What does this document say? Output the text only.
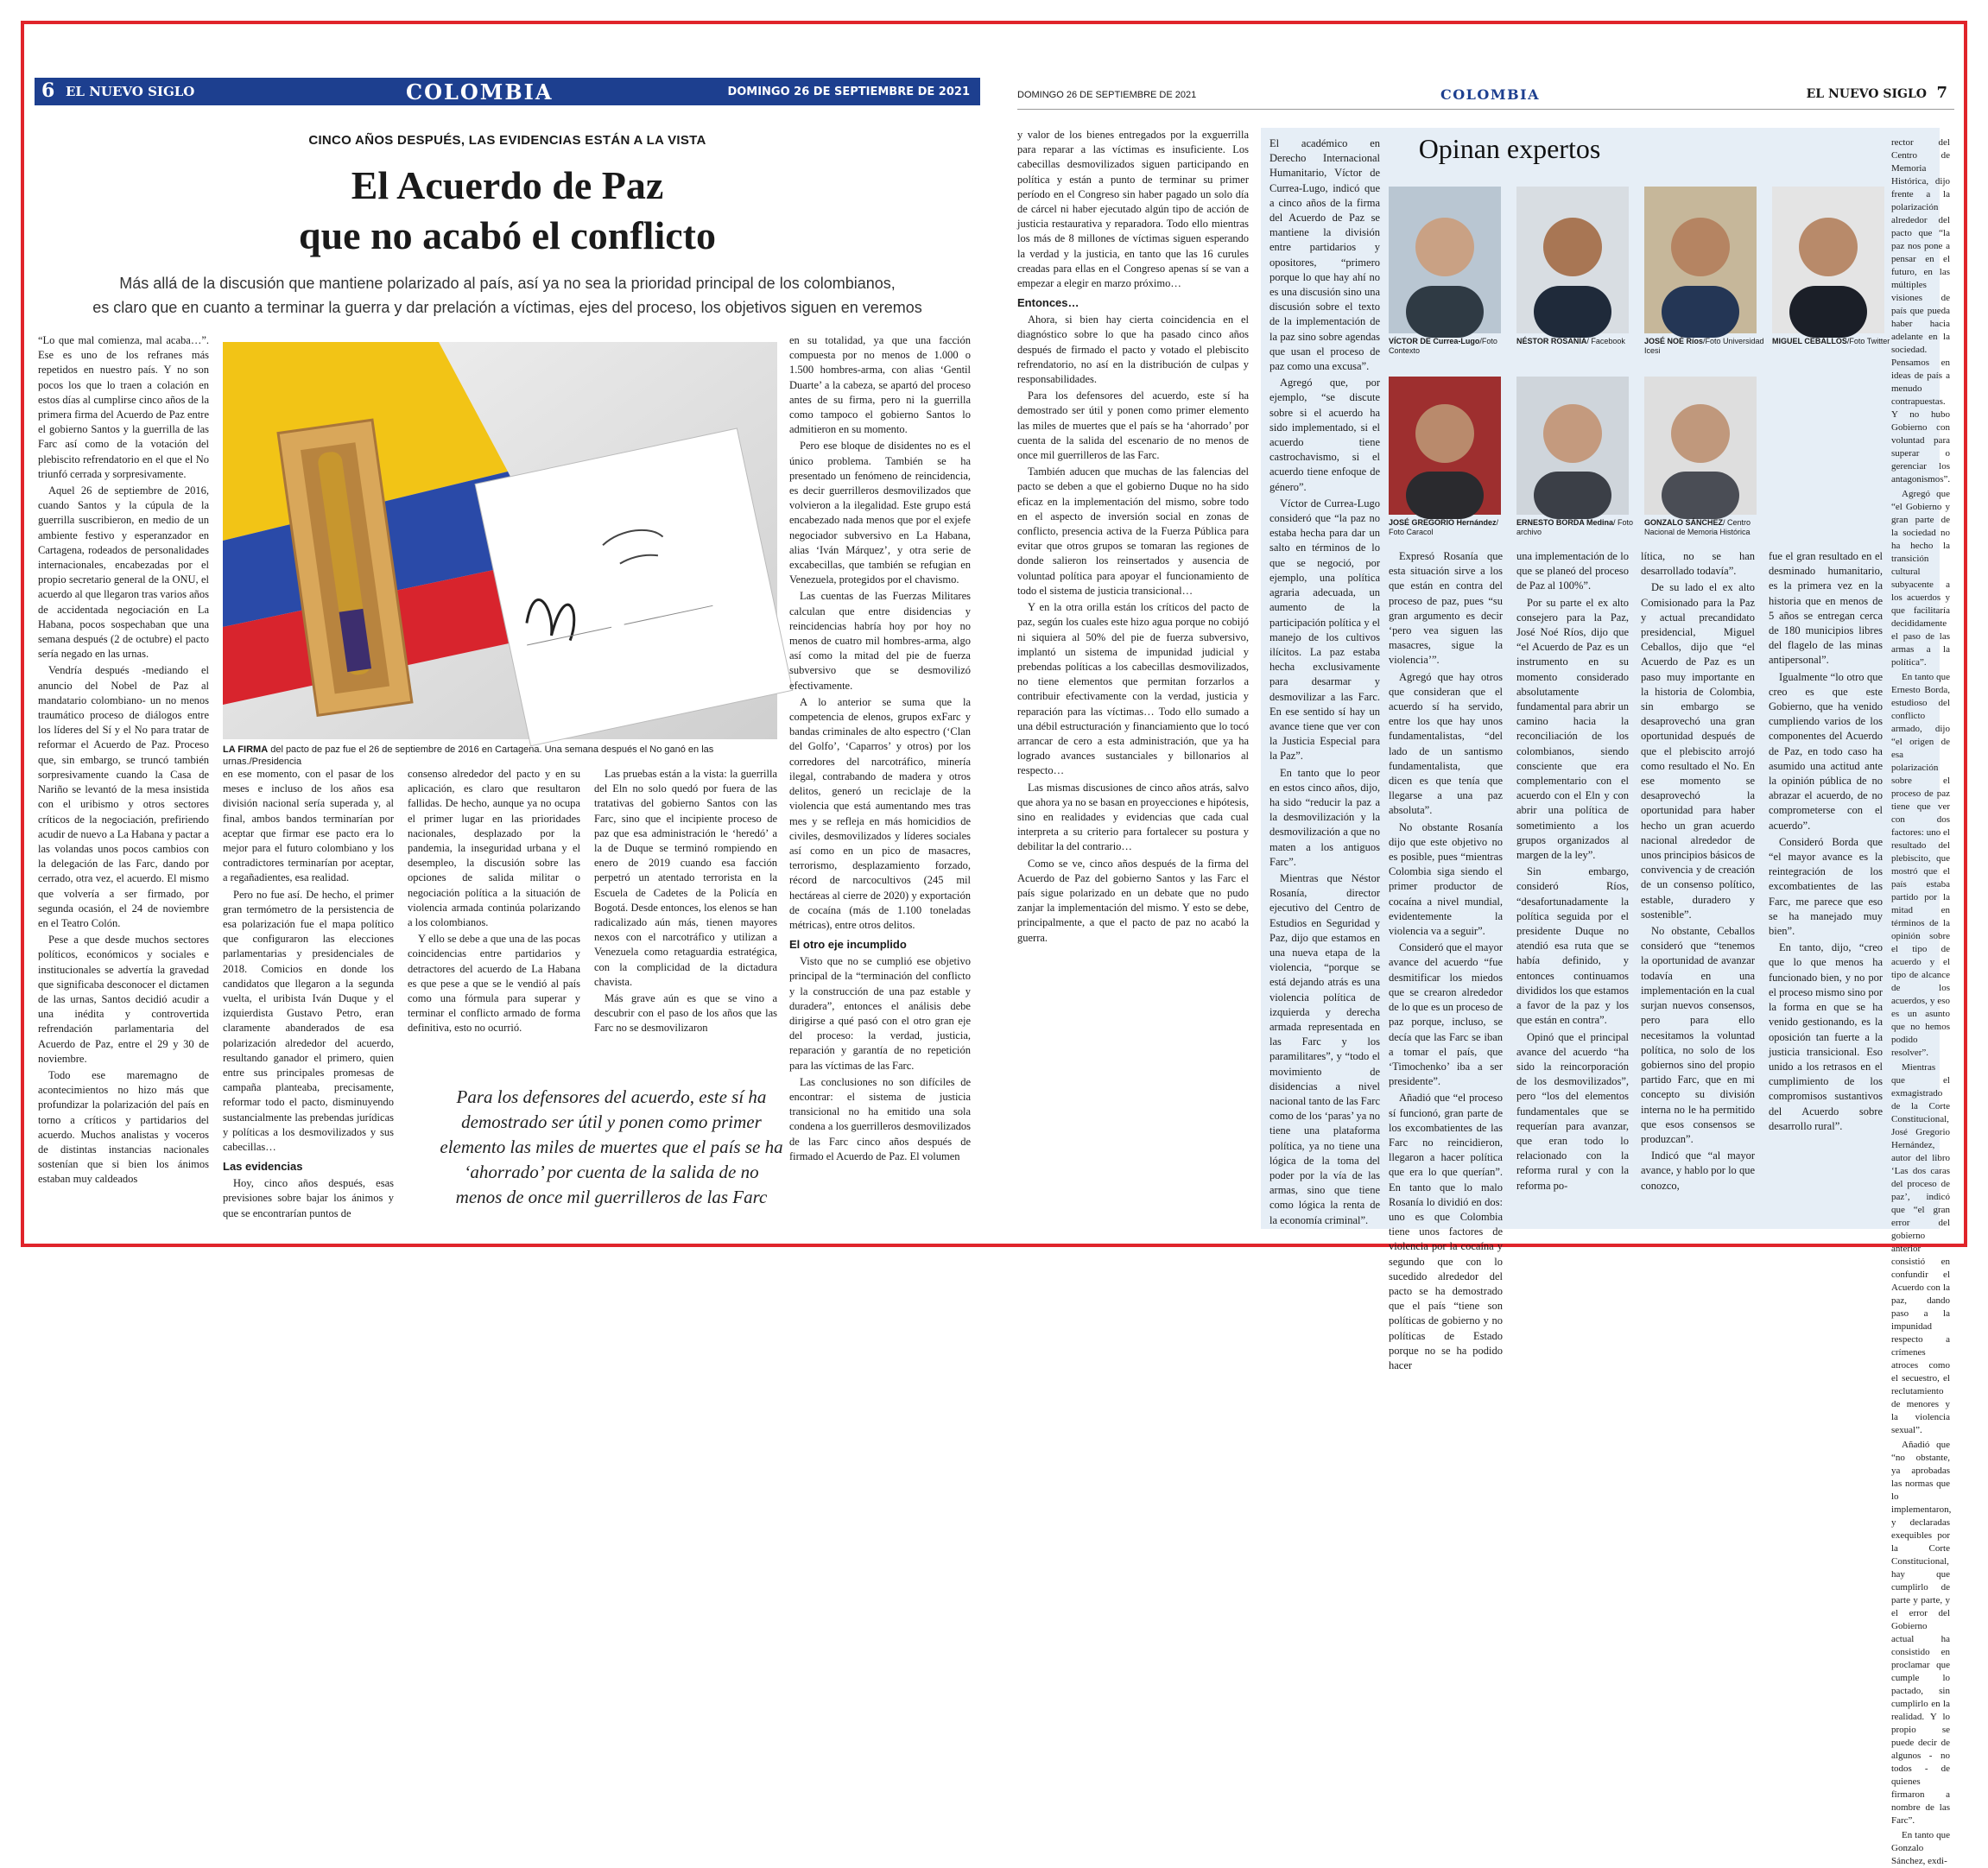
6 EL NUEVO SIGLO	COLOMBIA	DOMINGO 26 DE SEPTIEMBRE DE 2021
CINCO AÑOS DESPUÉS, LAS EVIDENCIAS ESTÁN A LA VISTA
El Acuerdo de Paz
que no acabó el conflicto
Más allá de la discusión que mantiene polarizado al país, así ya no sea la prioridad principal de los colombianos,
es claro que en cuanto a terminar la guerra y dar prelación a víctimas, ejes del proceso, los objetivos siguen en veremos

“Lo que mal comienza, mal acaba…”. Ese es uno de los refranes más repetidos en nuestro país. Y no son pocos los que lo traen a colación en estos días al cumplirse cinco años de la primera firma del Acuerdo de Paz entre el gobierno Santos y la guerrilla de las Farc así como de la votación del plebiscito refrendatorio en el que el No triunfó cerrada y sorpresivamente.

Aquel 26 de septiembre de 2016, cuando Santos y la cúpula de la guerrilla suscribieron, en medio de un ambiente festivo y esperanzador en Cartagena, rodeados de personalidades internacionales, encabezadas por el propio secretario general de la ONU, el acuerdo al que llegaron tras varios años de accidentada negociación en La Habana, pocos sospechaban que una semana después (2 de octubre) el pacto sería negado en las urnas.

Vendría después -mediando el anuncio del Nobel de Paz al mandatario colombiano- un no menos traumático proceso de diálogos entre los líderes del Sí y el No para tratar de reformar el Acuerdo de Paz. Proceso que, sin embargo, se truncó también sorpresivamente cuando la Casa de Nariño se levantó de la mesa insistida con el uribismo y otros sectores críticos de la negociación, prefiriendo acudir de nuevo a La Habana y pactar a las volandas unos pocos cambios con la delegación de las Farc, dando por cerrado, otra vez, el acuerdo. El mismo que volvería a ser firmado, por segunda ocasión, el 24 de noviembre en el Teatro Colón.

Pese a que desde muchos sectores políticos, económicos y sociales e institucionales se advertía la gravedad que significaba desconocer el dictamen de las urnas, Santos decidió acudir a una inédita y controvertida refrendación parlamentaria del Acuerdo de Paz, entre el 29 y 30 de noviembre.

Todo ese maremagno de acontecimientos no hizo más que profundizar la polarización del país en torno a críticos y partidarios del acuerdo. Muchos analistas y voceros de distintas instancias nacionales sostenían que si bien los ánimos estaban muy caldeados

LA FIRMA del pacto de paz fue el 26 de septiembre de 2016 en Cartagena. Una semana después el No ganó en las urnas./Presidencia

en ese momento, con el pasar de los meses e incluso de los años esa división nacional sería superada y, al final, ambos bandos terminarían por aceptar que firmar ese pacto era lo mejor para el futuro colombiano y los contradictores terminarían por aceptar, a regañadientes, esa realidad.

Pero no fue así. De hecho, el primer gran termómetro de la persistencia de esa polarización fue el mapa político que configuraron las elecciones parlamentarias y presidenciales de 2018. Comicios en donde los candidatos que llegaron a la segunda vuelta, el uribista Iván Duque y el izquierdista Gustavo Petro, eran claramente abanderados de esa polarización alrededor del acuerdo, resultando ganador el primero, quien entre sus principales promesas de campaña planteaba, precisamente, reformar todo el pacto, disminuyendo sustancialmente las prebendas jurídicas y políticas a los desmovilizados y sus cabecillas…

Las evidencias

Hoy, cinco años después, esas previsiones sobre bajar los ánimos y que se encontrarían puntos de

consenso alrededor del pacto y en su aplicación, es claro que resultaron fallidas. De hecho, aunque ya no ocupa el primer lugar en las prioridades nacionales, desplazado por la pandemia, la inseguridad urbana y el desempleo, la discusión sobre las opciones de salida militar o negociación política a la situación de violencia armada continúa polarizando a los colombianos.

Y ello se debe a que una de las pocas coincidencias entre partidarios y detractores del acuerdo de La Habana es que pese a que se le vendió al país como una fórmula para superar y terminar el conflicto armado de forma definitiva, esto no ocurrió.

Las pruebas están a la vista: la guerrilla del Eln no solo quedó por fuera de las tratativas del gobierno Santos con las Farc, sino que el incipiente proceso de paz que esa administración le ‘heredó’ a la de Duque se terminó rompiendo en enero de 2019 cuando esa facción perpetró un atentado terrorista en la Escuela de Cadetes de la Policía en Bogotá. Desde entonces, los elenos se han radicalizado aún más, tienen mayores nexos con el narcotráfico y utilizan a Venezuela como retaguardia estratégica, con la complicidad de la dictadura chavista.

Más grave aún es que se vino a descubrir con el paso de los años que las Farc no se desmovilizaron

Para los defensores del acuerdo, este sí ha demostrado ser útil y ponen como primer elemento las miles de muertes que el país se ha ‘ahorrado’ por cuenta de la salida de no menos de once mil guerrilleros de las Farc

en su totalidad, ya que una facción compuesta por no menos de 1.000 o 1.500 hombres-arma, con alias ‘Gentil Duarte’ a la cabeza, se apartó del proceso antes de su firma, pero ni la guerrilla como tampoco el gobierno Santos lo admitieron en su momento.

Pero ese bloque de disidentes no es el único problema. También se ha presentado un fenómeno de reincidencia, es decir guerrilleros desmovilizados que volvieron a la ilegalidad. Este grupo está encabezado nada menos que por el exjefe negociador subversivo en La Habana, alias ‘Iván Márquez’, y otra serie de excabecillas, que también se refugian en Venezuela, protegidos por el chavismo.

Las cuentas de las Fuerzas Militares calculan que entre disidencias y reincidencias habría hoy por hoy no menos de cuatro mil hombres-arma, algo así como la mitad del pie de fuerza subversivo que se desmovilizó efectivamente.

A lo anterior se suma que la competencia de elenos, grupos exFarc y bandas criminales de alto espectro (‘Clan del Golfo’, ‘Caparros’ y otros) por los corredores del narcotráfico, minería ilegal, contrabando de madera y otros delitos, generó un reciclaje de la violencia que está aumentando mes tras mes y se refleja en más homicidios de civiles, desmovilizados y líderes sociales así como en un pico de masacres, terrorismo, desplazamiento forzado, récord de narcocultivos (245 mil hectáreas al cierre de 2020) y exportación de cocaína (más de 1.100 toneladas métricas), entre otros delitos.

El otro eje incumplido

Visto que no se cumplió ese objetivo principal de la “terminación del conflicto y la construcción de una paz estable y duradera”, entonces el análisis debe dirigirse a qué pasó con el otro gran eje del proceso: la verdad, justicia, reparación y garantía de no repetición para las víctimas de las Farc.

Las conclusiones no son difíciles de encontrar: el sistema de justicia transicional no ha emitido una sola condena a los guerrilleros desmovilizados de las Farc cinco años después de firmado el Acuerdo de Paz. El volumen

DOMINGO 26 DE SEPTIEMBRE DE 2021	COLOMBIA	EL NUEVO SIGLO 7

y valor de los bienes entregados por la exguerrilla para reparar a las víctimas es insuficiente. Los cabecillas desmovilizados siguen participando en política y están a punto de terminar su primer período en el Congreso sin haber pagado un solo día de cárcel ni haber ejecutado algún tipo de acción de justicia restaurativa y reparadora. Todo ello mientras los más de 8 millones de víctimas siguen esperando la verdad y la justicia, en tanto que las 16 curules creadas para ellas en el Congreso apenas sí se van a empezar a elegir en marzo próximo…

Entonces…

Ahora, si bien hay cierta coincidencia en el diagnóstico sobre lo que ha pasado cinco años después de firmado el pacto y votado el plebiscito refrendatorio, no así en la distribución de culpas y responsabilidades.

Para los defensores del acuerdo, este sí ha demostrado ser útil y ponen como primer elemento las miles de muertes que el país se ha ‘ahorrado’ por cuenta de la salida del escenario de no menos de once mil guerrilleros de las Farc.

También aducen que muchas de las falencias del pacto se deben a que el gobierno Duque no ha sido eficaz en la implementación del mismo, sobre todo en el aspecto de inversión social en zonas de conflicto, presencia activa de la Fuerza Pública para evitar que otros grupos se tomaran las regiones de donde salieron los reinsertados y ausencia de voluntad política para apoyar el funcionamiento de todo el sistema de justicia transicional…

Y en la otra orilla están los críticos del pacto de paz, según los cuales este hizo agua porque no cobijó ni siquiera al 50% del pie de fuerza subversivo, implantó un sistema de impunidad judicial y prebendas políticas a los cabecillas desmovilizados, no tiene elementos que permitan forzarlos a contribuir efectivamente con la verdad, justicia y reparación para las víctimas… Todo ello sumado a una débil estructuración y financiamiento que lo tocó arrancar de cero a esta administración, que ya ha logrado avances sustanciales y billonarios al respecto…

Las mismas discusiones de cinco años atrás, salvo que ahora ya no se basan en proyecciones e hipótesis, sino en realidades y evidencias que cada cual interpreta a su criterio para fortalecer su postura y debilitar la del contrario…

Como se ve, cinco años después de la firma del Acuerdo de Paz del gobierno Santos y las Farc el país sigue polarizado en un debate que no pudo zanjar la implementación del mismo. Y esto se debe, principalmente, a que el pacto de paz no acabó la guerra.

Opinan expertos

El académico en Derecho Internacional Humanitario, Víctor de Currea-Lugo, indicó que a cinco años de la firma del Acuerdo de Paz se mantiene la división entre partidarios y opositores, “primero porque lo que hay ahí no es una discusión sino una discusión sobre el texto de la implementación de la paz sino sobre agendas que usan el proceso de paz como una excusa”.

Agregó que, por ejemplo, “se discute sobre si el acuerdo ha sido implementado, si el acuerdo tiene castrochavismo, si el acuerdo tiene enfoque de género”.

Víctor de Currea-Lugo consideró que “la paz no estaba hecha para dar un salto en términos de lo que se negoció, por ejemplo, una política agraria adecuada, un aumento de la participación política y el manejo de los cultivos ilícitos. La paz estaba hecha exclusivamente para desarmar y desmovilizar a las Farc. En ese sentido sí hay un avance tiene que ver con la Justicia Especial para la Paz”.

En tanto que lo peor en estos cinco años, dijo, ha sido “reducir la paz a la desmovilización y la desmovilización a que no maten a los antiguos Farc”.

Mientras que Néstor Rosanía, director ejecutivo del Centro de Estudios en Seguridad y Paz, dijo que estamos en una nueva etapa de la violencia, “porque se está dejando atrás es una violencia política de izquierda y derecha armada representada en las Farc y los paramilitares”, y “todo el movimiento de disidencias a nivel nacional tanto de las Farc como de los ‘paras’ ya no tiene una plataforma política, ya no tiene una lógica de la toma del poder por la vía de las armas, sino que tiene como lógica la renta de la economía criminal”.

VÍCTOR DE Currea-Lugo/Foto Contexto
NÉSTOR ROSANÍA/ Facebook	JOSÉ NOÉ Ríos/Foto Universidad Icesi
MIGUEL CEBALLOS/Foto Twitter
JOSÉ GREGORIO Hernández/ Foto Caracol
ERNESTO BORDA Medina/ Foto archivo
GONZALO SÁNCHEZ/ Centro Nacional de Memoria Histórica

Expresó Rosanía que esta situación sirve a los que están en contra del proceso de paz, pues “su gran argumento es decir ‘pero vea siguen las masacres, sigue la violencia’”.

Agregó que hay otros que consideran que el acuerdo sí ha servido, entre los que hay unos fundamentalistas, “del lado de un santismo fundamentalista, que dicen es que tenía que llegarse a una paz absoluta”.

No obstante Rosanía dijo que este objetivo no es posible, pues “mientras Colombia siga siendo el primer productor de cocaína a nivel mundial, evidentemente la violencia va a seguir”.

Consideró que el mayor avance del acuerdo “fue desmitificar los miedos que se crearon alrededor de lo que es un proceso de paz porque, incluso, se decía que las Farc se iban a tomar el país, que ‘Timochenko’ iba a ser presidente”.

Añadió que “el proceso sí funcionó, gran parte de los excombatientes de las Farc no reincidieron, llegaron a hacer política que era lo que querían”. En tanto que lo malo Rosanía lo dividió en dos: uno es que Colombia tiene unos factores de violencia por la cocaína y segundo que con lo sucedido alrededor del pacto se ha demostrado que el país “tiene son políticas de gobierno y no políticas de Estado porque no se ha podido hacer

una implementación de lo que se planeó del proceso de Paz al 100%”.

Por su parte el ex alto consejero para la Paz, José Noé Ríos, dijo que “el Acuerdo de Paz es un instrumento en su momento considerado absolutamente fundamental para abrir un camino hacia la reconciliación de los colombianos, siendo consciente que era complementario con el acuerdo con el Eln y con abrir una política de sometimiento a los grupos organizados al margen de la ley”.

Sin embargo, consideró Ríos, “desafortunadamente la política seguida por el presidente Duque no atendió esa ruta que se había definido, y entonces continuamos divididos los que estamos a favor de la paz y los que están en contra”.

Opinó que el principal avance del acuerdo “ha sido la reincorporación de los desmovilizados”, pero “los del elementos fundamentales que se requerían para avanzar, que eran todo lo relacionado con la reforma rural y con la reforma po-

lítica, no se han desarrollado todavía”.

De su lado el ex alto Comisionado para la Paz y actual precandidato presidencial, Miguel Ceballos, dijo que “el Acuerdo de Paz es un paso muy importante en la historia de Colombia, sin embargo se desaprovechó una gran oportunidad después de que el plebiscito arrojó como resultado el No. En ese momento se desaprovechó la oportunidad para haber hecho un gran acuerdo nacional alrededor de unos principios básicos de convivencia y de creación de un consenso político, estable, duradero y sostenible”.

No obstante, Ceballos consideró que “tenemos la oportunidad de avanzar todavía en una implementación en la cual surjan nuevos consensos, pero para ello necesitamos la voluntad política, no solo de los gobiernos sino del propio partido Farc, que en mi concepto su división interna no le ha permitido que esos consensos se produzcan”.

Indicó que “al mayor avance, y hablo por lo que conozco,

fue el gran resultado en el desminado humanitario, es la primera vez en la historia que en menos de 5 años se entregan cerca de 180 municipios libres del flagelo de las minas antipersonal”.

Igualmente “lo otro que creo es que este Gobierno, que ha venido cumpliendo varios de los componentes del Acuerdo de Paz, en todo caso ha asumido una actitud ante la opinión pública de no abrazar el acuerdo, de no comprometerse con el acuerdo”.

Consideró Borda que “el mayor avance es la reintegración de los excombatientes de las Farc, me parece que eso se ha manejado muy bien”.

En tanto, dijo, “creo que lo que menos ha funcionado bien, y no por el proceso mismo sino por la forma en que se ha venido gestionando, es la oposición tan fuerte a la justicia transicional. Eso unido a los retrasos en el cumplimiento de los compromisos sustantivos del Acuerdo sobre desarrollo rural”.

rector del Centro de Memoria Histórica, dijo frente a la polarización alrededor del pacto que “la paz nos pone a pensar en el futuro, en las múltiples visiones de país que pueda haber hacia adelante en la sociedad. Pensamos en ideas de país a menudo contrapuestas. Y no hubo Gobierno con voluntad para superar o gerenciar los antagonismos”.

Agregó que “el Gobierno y gran parte de la sociedad no ha hecho la transición cultural subyacente a los acuerdos y que facilitaría decididamente el paso de las armas a la política”.

En tanto que Ernesto Borda, estudioso del conflicto armado, dijo “el origen de esa polarización sobre el proceso de paz tiene que ver con dos factores: uno el resultado del plebiscito, que mostró que el país estaba partido por la mitad en términos de la opinión sobre el tipo de acuerdo y el tipo de alcance de los acuerdos, y eso es un asunto que no hemos podido resolver”.

Mientras que el exmagistrado de la Corte Constitucional, José Gregorio Hernández, autor del libro ‘Las dos caras del proceso de paz’, indicó que “el gran error del gobierno anterior consistió en confundir el Acuerdo con la paz, dando paso a la impunidad respecto a crímenes atroces como el secuestro, el reclutamiento de menores y la violencia sexual”.

Añadió que “no obstante, ya aprobadas las normas que lo implementaron, y declaradas exequibles por la Corte Constitucional, hay que cumplirlo de parte y parte, y el error del Gobierno actual ha consistido en proclamar que cumple lo pactado, sin cumplirlo en la realidad. Y lo propio se puede decir de algunos - no todos - de quienes firmaron a nombre de las Farc”.

En tanto que Gonzalo Sánchez, exdi-
